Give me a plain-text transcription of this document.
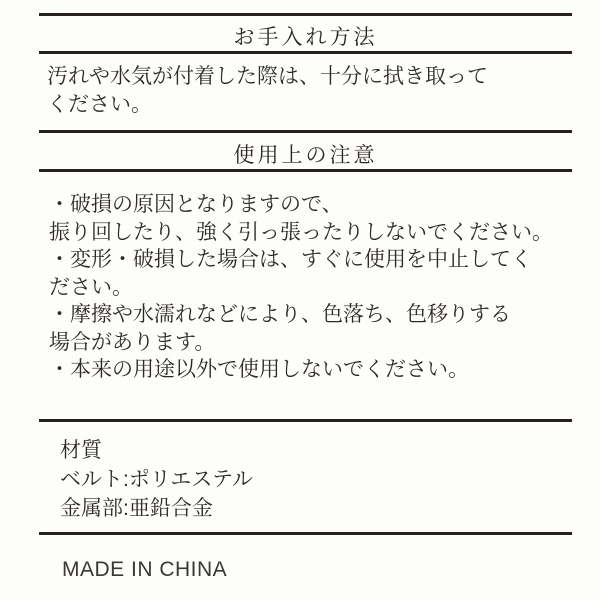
お手入れ方法
汚れや水気が付着した際は、十分に拭き取って
ください。
使用上の注意
・破損の原因となりますので、
振り回したり、強く引っ張ったりしないでください。
・変形・破損した場合は、すぐに使用を中止してく
ださい。
・摩擦や水濡れなどにより、色落ち、色移りする
場合があります。
・本来の用途以外で使用しないでください。
材質
ベルト:ポリエステル
金属部:亜鉛合金
MADE IN CHINA
